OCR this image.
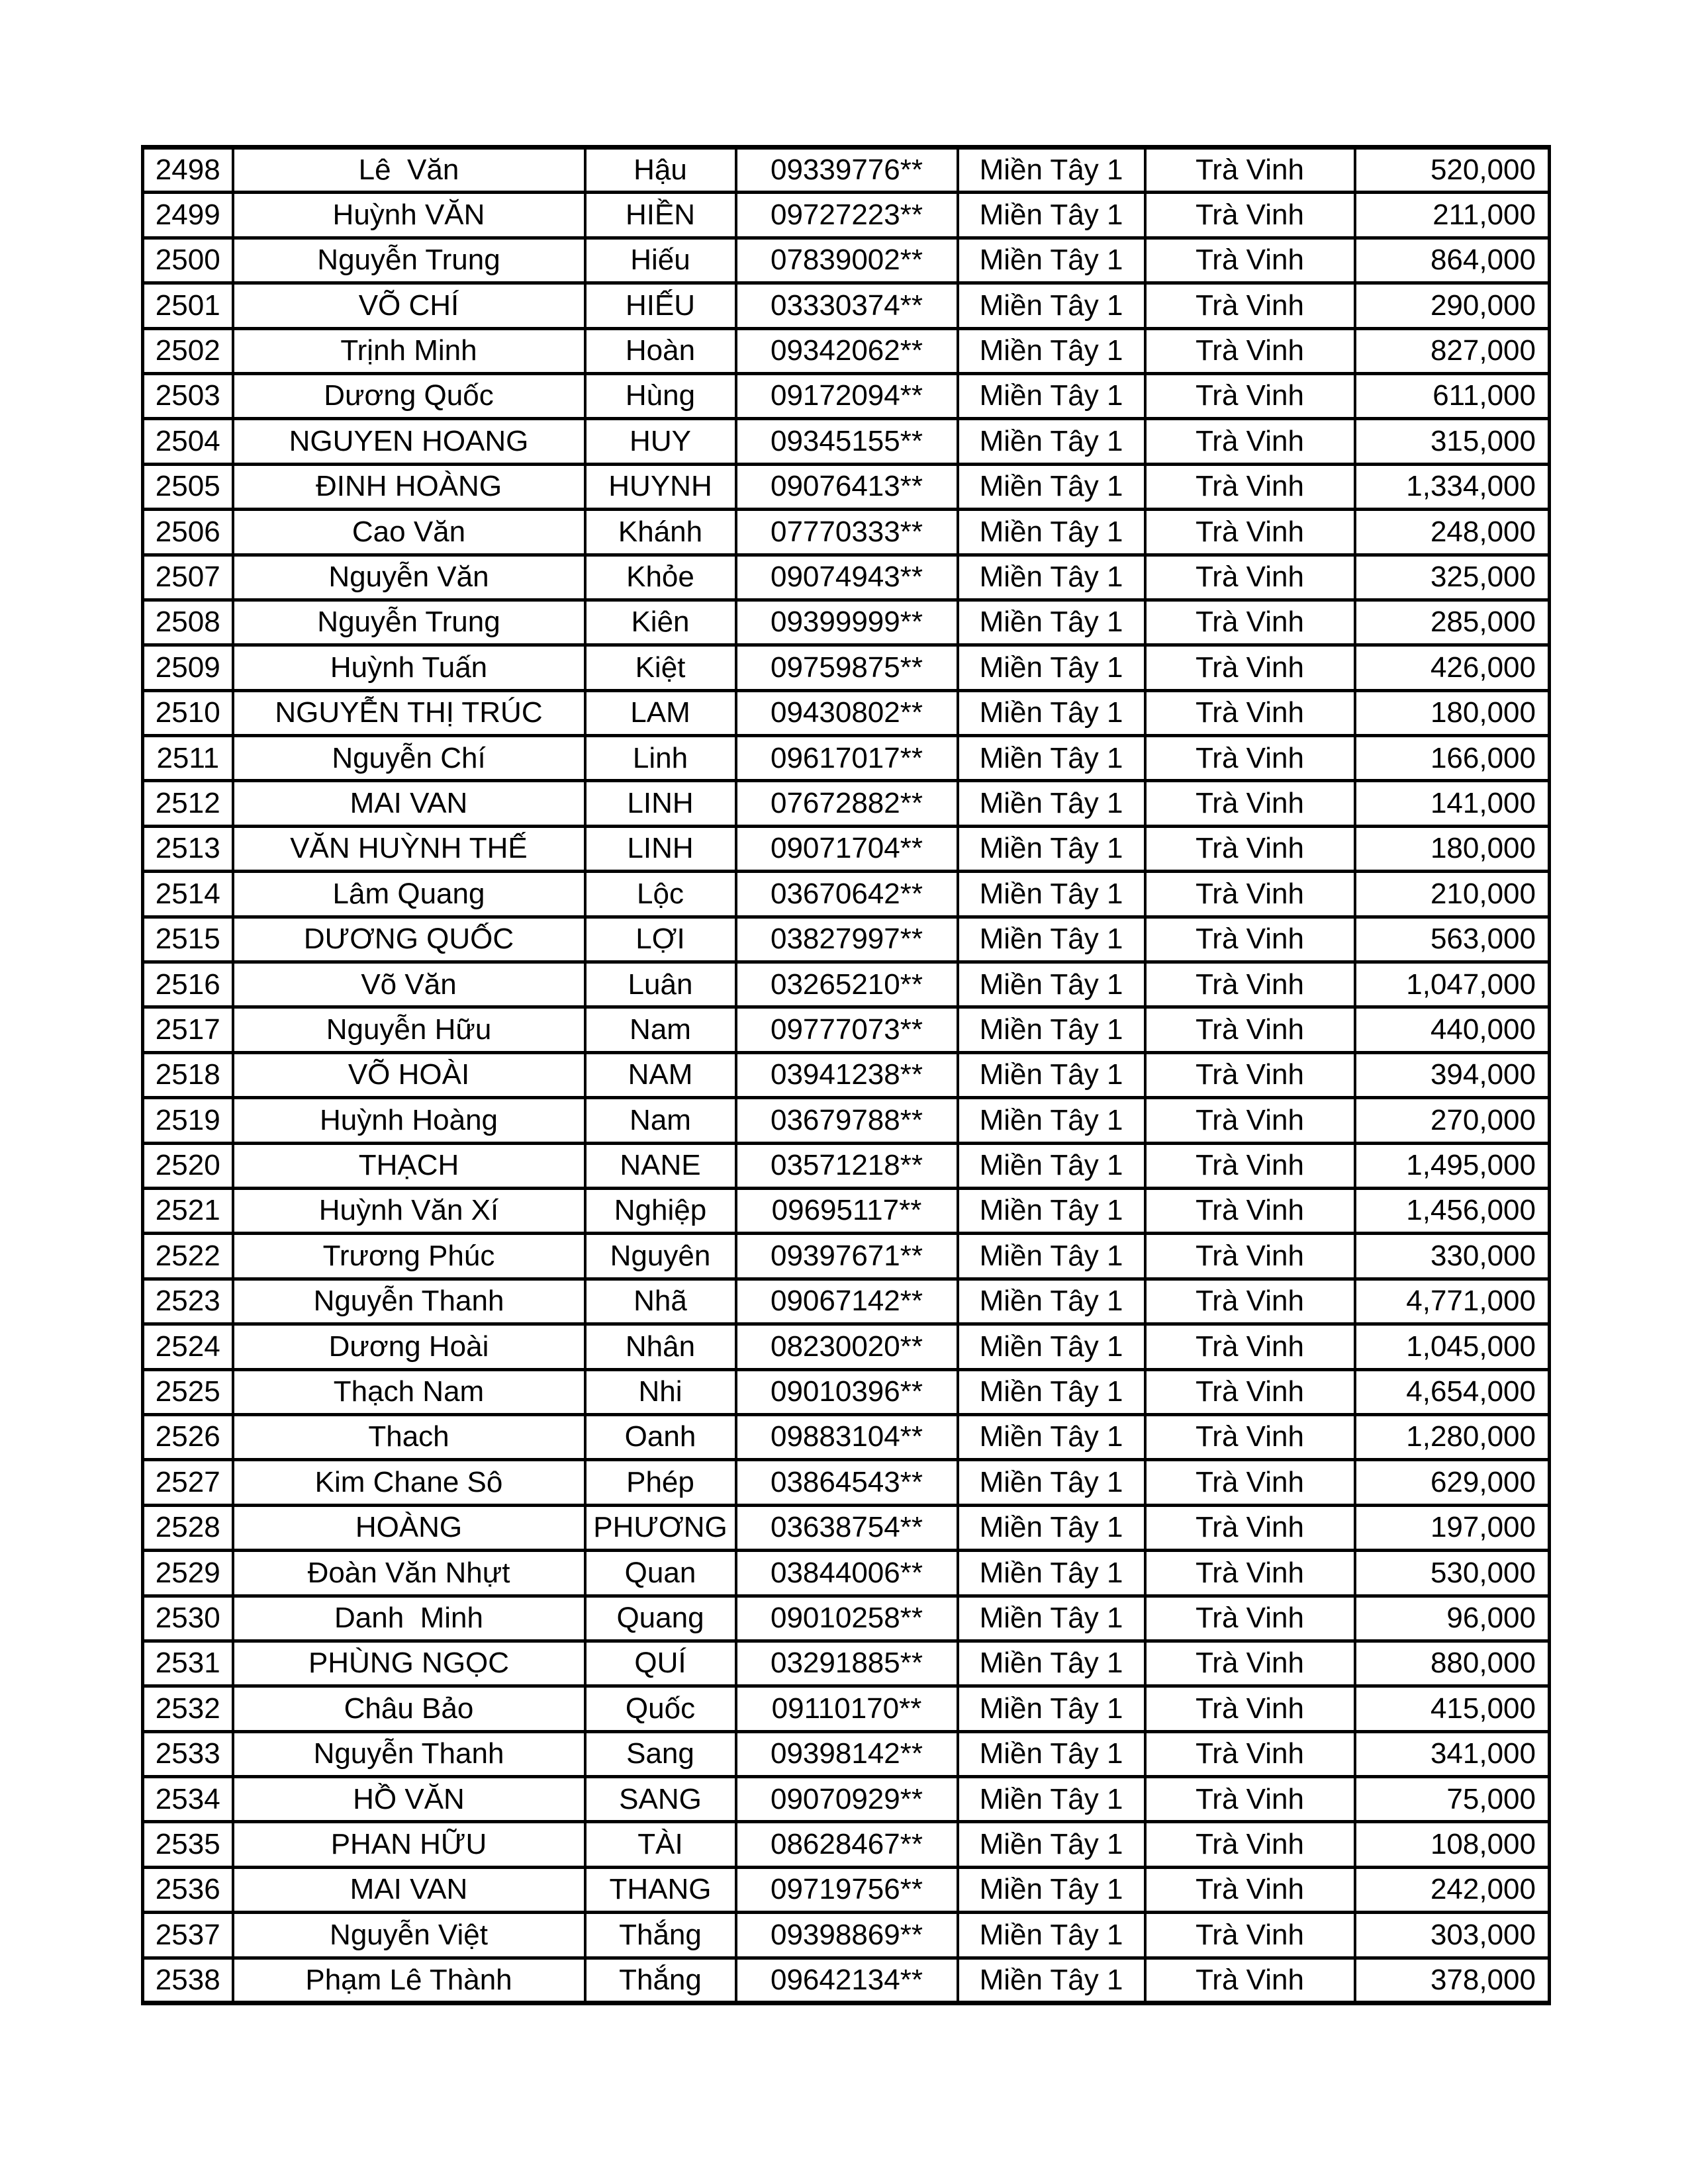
2498	Lê  Văn	Hậu	09339776**	Miền Tây 1	Trà Vinh	520,000
2499	Huỳnh VĂN	HIỀN	09727223**	Miền Tây 1	Trà Vinh	211,000
2500	Nguyễn Trung	Hiếu	07839002**	Miền Tây 1	Trà Vinh	864,000
2501	VÕ CHÍ	HIẾU	03330374**	Miền Tây 1	Trà Vinh	290,000
2502	Trịnh Minh	Hoàn	09342062**	Miền Tây 1	Trà Vinh	827,000
2503	Dương Quốc	Hùng	09172094**	Miền Tây 1	Trà Vinh	611,000
2504	NGUYEN HOANG	HUY	09345155**	Miền Tây 1	Trà Vinh	315,000
2505	ĐINH HOÀNG	HUYNH	09076413**	Miền Tây 1	Trà Vinh	1,334,000
2506	Cao Văn	Khánh	07770333**	Miền Tây 1	Trà Vinh	248,000
2507	Nguyễn Văn	Khỏe	09074943**	Miền Tây 1	Trà Vinh	325,000
2508	Nguyễn Trung	Kiên	09399999**	Miền Tây 1	Trà Vinh	285,000
2509	Huỳnh Tuấn	Kiệt	09759875**	Miền Tây 1	Trà Vinh	426,000
2510	NGUYỄN THỊ TRÚC	LAM	09430802**	Miền Tây 1	Trà Vinh	180,000
2511	Nguyễn Chí	Linh	09617017**	Miền Tây 1	Trà Vinh	166,000
2512	MAI VAN	LINH	07672882**	Miền Tây 1	Trà Vinh	141,000
2513	VĂN HUỲNH THẾ	LINH	09071704**	Miền Tây 1	Trà Vinh	180,000
2514	Lâm Quang	Lộc	03670642**	Miền Tây 1	Trà Vinh	210,000
2515	DƯƠNG QUỐC	LỢI	03827997**	Miền Tây 1	Trà Vinh	563,000
2516	Võ Văn	Luân	03265210**	Miền Tây 1	Trà Vinh	1,047,000
2517	Nguyễn Hữu	Nam	09777073**	Miền Tây 1	Trà Vinh	440,000
2518	VÕ HOÀI	NAM	03941238**	Miền Tây 1	Trà Vinh	394,000
2519	Huỳnh Hoàng	Nam	03679788**	Miền Tây 1	Trà Vinh	270,000
2520	THẠCH	NANE	03571218**	Miền Tây 1	Trà Vinh	1,495,000
2521	Huỳnh Văn Xí	Nghiệp	09695117**	Miền Tây 1	Trà Vinh	1,456,000
2522	Trương Phúc	Nguyên	09397671**	Miền Tây 1	Trà Vinh	330,000
2523	Nguyễn Thanh	Nhã	09067142**	Miền Tây 1	Trà Vinh	4,771,000
2524	Dương Hoài	Nhân	08230020**	Miền Tây 1	Trà Vinh	1,045,000
2525	Thạch Nam	Nhi	09010396**	Miền Tây 1	Trà Vinh	4,654,000
2526	Thach	Oanh	09883104**	Miền Tây 1	Trà Vinh	1,280,000
2527	Kim Chane Sô	Phép	03864543**	Miền Tây 1	Trà Vinh	629,000
2528	HOÀNG	PHƯƠNG	03638754**	Miền Tây 1	Trà Vinh	197,000
2529	Đoàn Văn Nhựt	Quan	03844006**	Miền Tây 1	Trà Vinh	530,000
2530	Danh  Minh	Quang	09010258**	Miền Tây 1	Trà Vinh	96,000
2531	PHÙNG NGỌC	QUÍ	03291885**	Miền Tây 1	Trà Vinh	880,000
2532	Châu Bảo	Quốc	09110170**	Miền Tây 1	Trà Vinh	415,000
2533	Nguyễn Thanh	Sang	09398142**	Miền Tây 1	Trà Vinh	341,000
2534	HỒ VĂN	SANG	09070929**	Miền Tây 1	Trà Vinh	75,000
2535	PHAN HỮU	TÀI	08628467**	Miền Tây 1	Trà Vinh	108,000
2536	MAI VAN	THANG	09719756**	Miền Tây 1	Trà Vinh	242,000
2537	Nguyễn Việt	Thắng	09398869**	Miền Tây 1	Trà Vinh	303,000
2538	Phạm Lê Thành	Thắng	09642134**	Miền Tây 1	Trà Vinh	378,000
